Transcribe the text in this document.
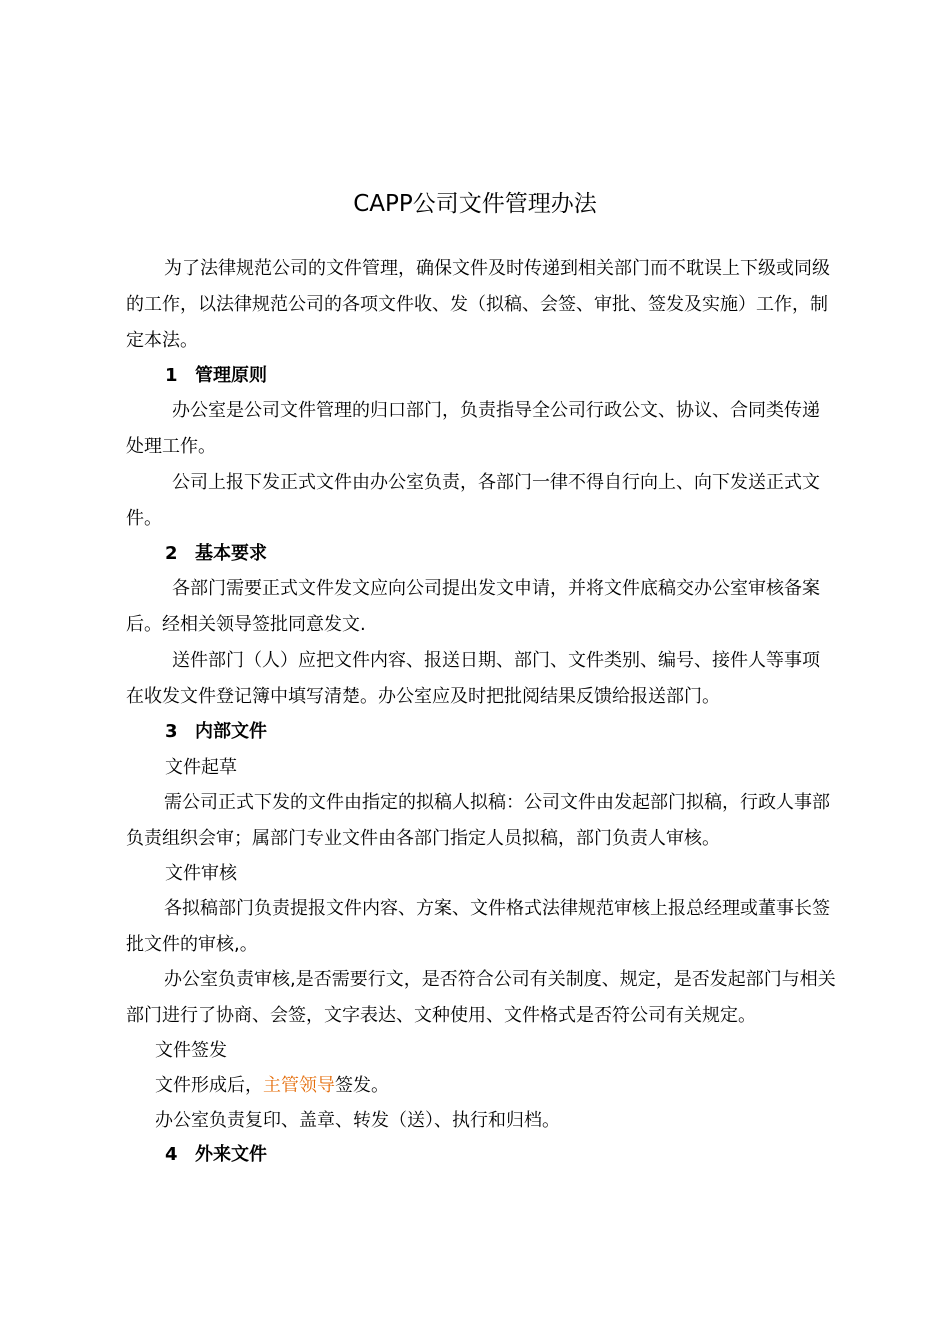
CAPP公司文件管理办法

为了法律规范公司的文件管理，确保文件及时传递到相关部门而不耽误上下级或同级的工作，以法律规范公司的各项文件收、发（拟稿、会签、审批、签发及实施）工作，制定本法。

1 管理原则

办公室是公司文件管理的归口部门，负责指导全公司行政公文、协议、合同类传递处理工作。

公司上报下发正式文件由办公室负责，各部门一律不得自行向上、向下发送正式文件。

2 基本要求

各部门需要正式文件发文应向公司提出发文申请，并将文件底稿交办公室审核备案后。经相关领导签批同意发文.

送件部门（人）应把文件内容、报送日期、部门、文件类别、编号、接件人等事项在收发文件登记簿中填写清楚。办公室应及时把批阅结果反馈给报送部门。

3 内部文件
文件起草

需公司正式下发的文件由指定的拟稿人拟稿：公司文件由发起部门拟稿，行政人事部负责组织会审；属部门专业文件由各部门指定人员拟稿，部门负责人审核。

文件审核

各拟稿部门负责提报文件内容、方案、文件格式法律规范审核上报总经理或董事长签批文件的审核,。

办公室负责审核,是否需要行文，是否符合公司有关制度、规定，是否发起部门与相关部门进行了协商、会签，文字表达、文种使用、文件格式是否符公司有关规定。

文件签发
文件形成后，主管领导签发。
办公室负责复印、盖章、转发（送）、执行和归档。
4 外来文件
